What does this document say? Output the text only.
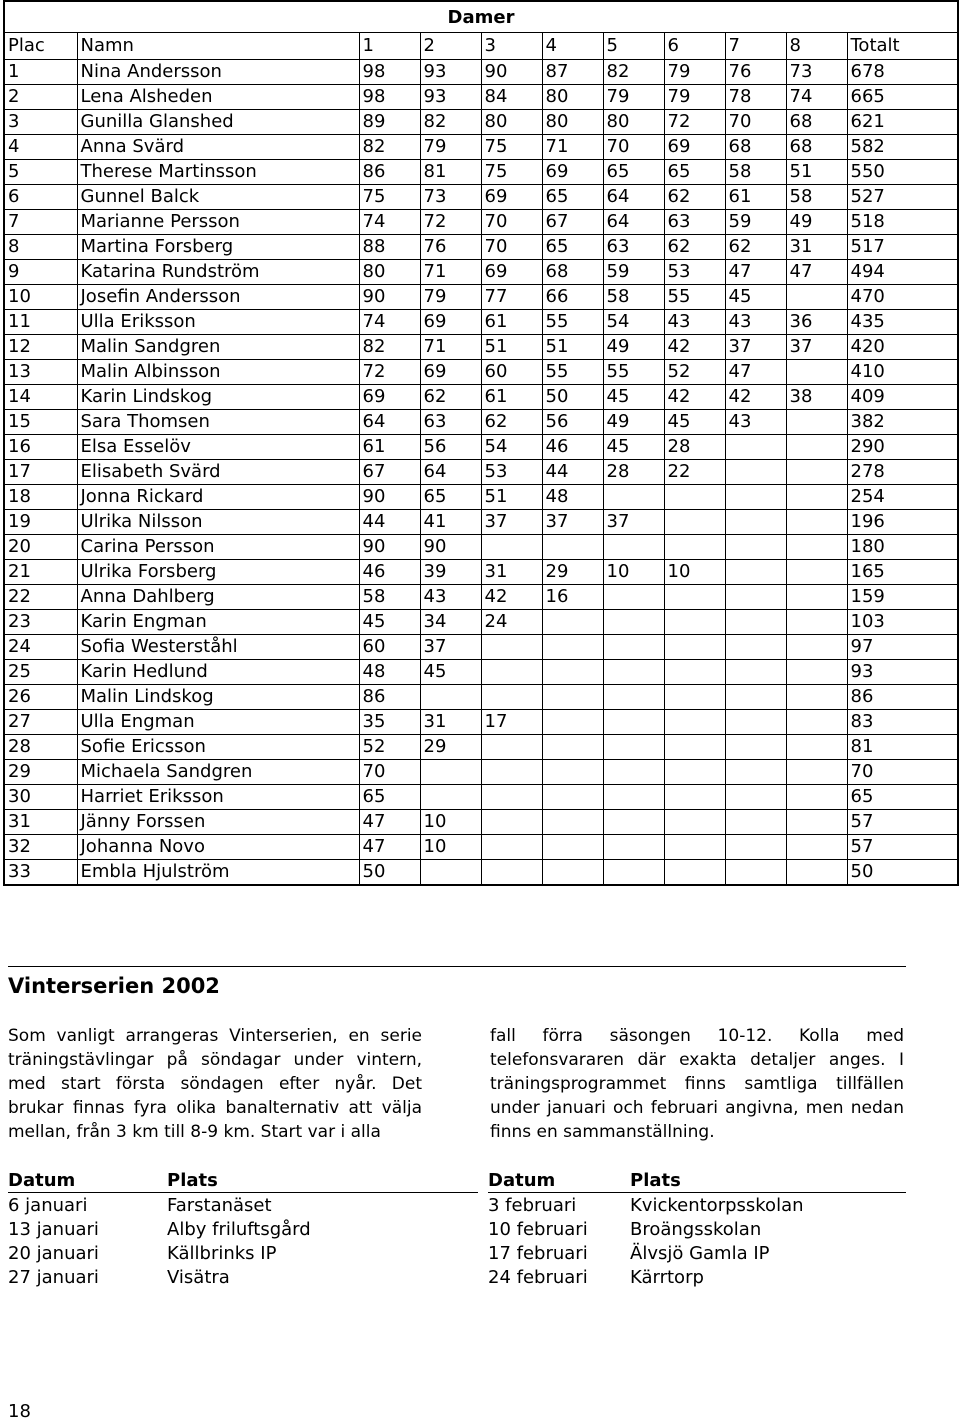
Damer										
Plac	Namn	1	2	3	4	5	6	7	8	Totalt
1	Nina Andersson	98	93	90	87	82	79	76	73	678
2	Lena Alsheden	98	93	84	80	79	79	78	74	665
3	Gunilla Glanshed	89	82	80	80	80	72	70	68	621
4	Anna Svärd	82	79	75	71	70	69	68	68	582
5	Therese Martinsson	86	81	75	69	65	65	58	51	550
6	Gunnel Balck	75	73	69	65	64	62	61	58	527
7	Marianne Persson	74	72	70	67	64	63	59	49	518
8	Martina Forsberg	88	76	70	65	63	62	62	31	517
9	Katarina Rundström	80	71	69	68	59	53	47	47	494
10	Josefin Andersson	90	79	77	66	58	55	45		470
11	Ulla Eriksson	74	69	61	55	54	43	43	36	435
12	Malin Sandgren	82	71	51	51	49	42	37	37	420
13	Malin Albinsson	72	69	60	55	55	52	47		410
14	Karin Lindskog	69	62	61	50	45	42	42	38	409
15	Sara Thomsen	64	63	62	56	49	45	43		382
16	Elsa Esselöv	61	56	54	46	45	28			290
17	Elisabeth Svärd	67	64	53	44	28	22			278
18	Jonna Rickard	90	65	51	48					254
19	Ulrika Nilsson	44	41	37	37	37				196
20	Carina Persson	90	90							180
21	Ulrika Forsberg	46	39	31	29	10	10			165
22	Anna Dahlberg	58	43	42	16					159
23	Karin Engman	45	34	24						103
24	Sofia Westerståhl	60	37							97
25	Karin Hedlund	48	45							93
26	Malin Lindskog	86								86
27	Ulla Engman	35	31	17						83
28	Sofie Ericsson	52	29							81
29	Michaela Sandgren	70								70
30	Harriet Eriksson	65								65
31	Jänny Forssen	47	10							57
32	Johanna Novo	47	10							57
33	Embla Hjulström	50								50
Vinterserien 2002

Som vanligt arrangeras Vinterserien, en serie träningstävlingar på söndagar under vintern, med start första söndagen efter nyår. Det brukar finnas fyra olika banalternativ att välja mellan, från 3 km till 8-9 km. Start var i alla

fall förra säsongen 10-12. Kolla med telefonsvararen där exakta detaljer anges. I träningsprogrammet finns samtliga tillfällen under januari och februari angivna, men nedan finns en sammanställning.

Datum	Plats
6 januari	Farstanäset
13 januari	Alby friluftsgård
20 januari	Källbrinks IP
27 januari	Visätra
Datum	Plats
3 februari	Kvickentorpsskolan
10 februari	Broängsskolan
17 februari	Älvsjö Gamla IP
24 februari	Kärrtorp
18
